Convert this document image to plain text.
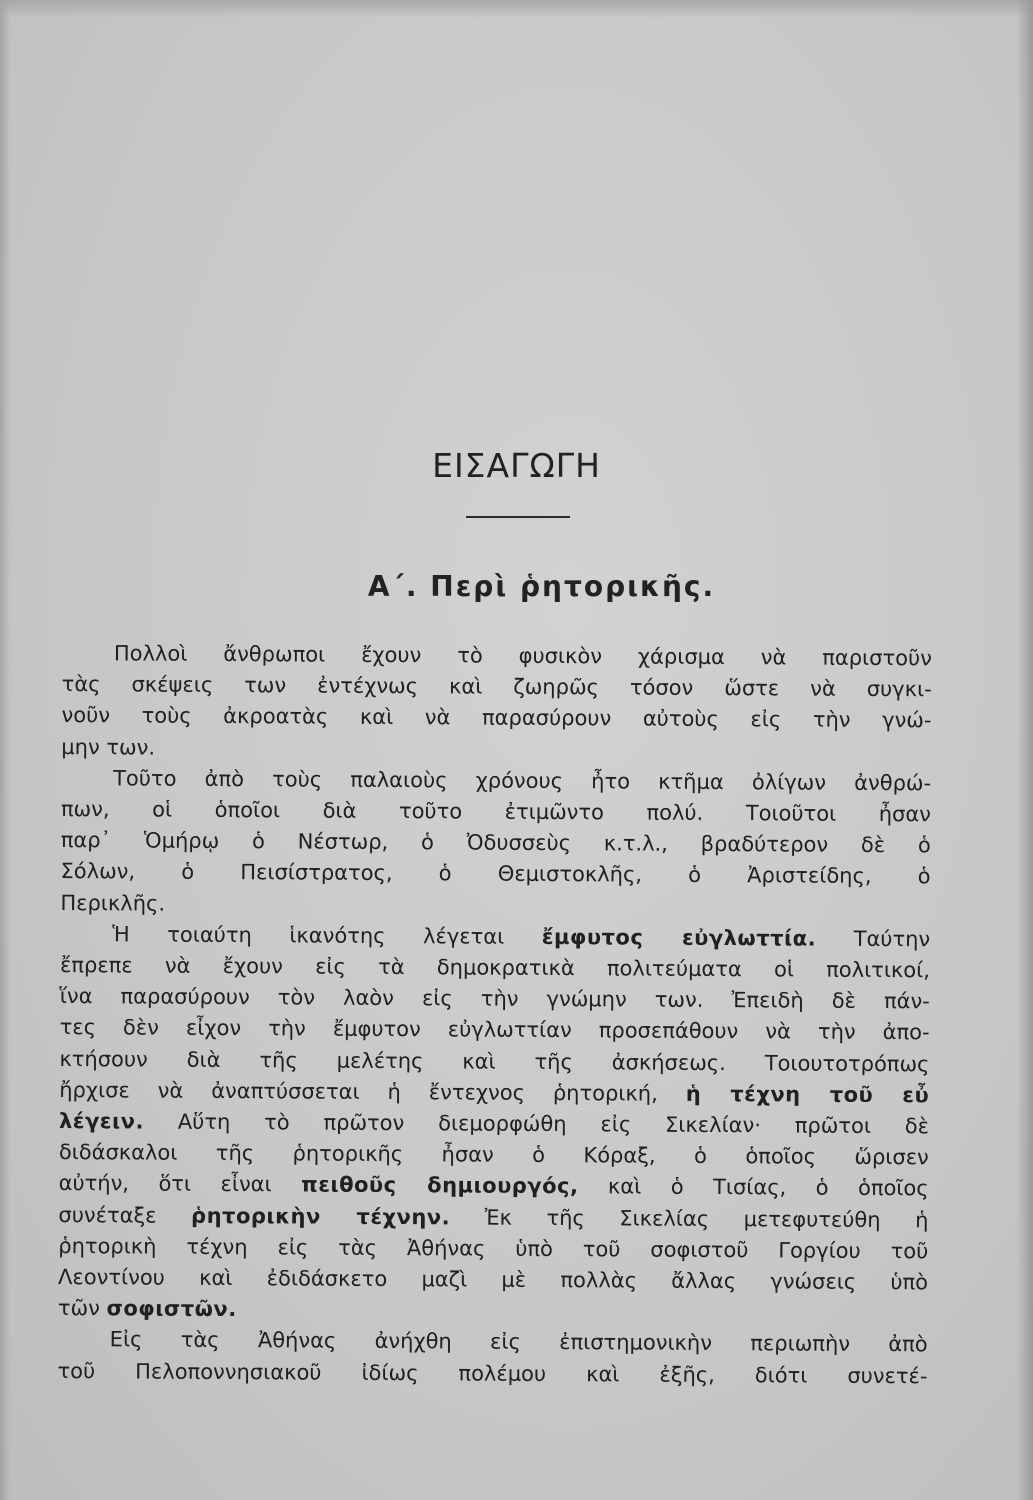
ΕΙΣΑΓΩΓΗ
Α΄. Περὶ ῥητορικῆς.

Πολλοὶ ἄνθρωποι ἔχουν τὸ φυσικὸν χάρισμα νὰ παριστοῦν
τὰς σκέψεις των ἐντέχνως καὶ ζωηρῶς τόσον ὥστε νὰ συγκι-
νοῦν τοὺς ἀκροατὰς καὶ νὰ παρασύρουν αὐτοὺς εἰς τὴν γνώ-
μην των.

Τοῦτο ἀπὸ τοὺς παλαιοὺς χρόνους ἦτο κτῆμα ὀλίγων ἀνθρώ-
πων, οἱ ὁποῖοι διὰ τοῦτο ἐτιμῶντο πολύ. Τοιοῦτοι ἦσαν
παρ᾽ Ὁμήρῳ ὁ Νέστωρ, ὁ Ὀδυσσεὺς κ.τ.λ., βραδύτερον δὲ ὁ
Σόλων, ὁ Πεισίστρατος, ὁ Θεμιστοκλῆς, ὁ Ἀριστείδης, ὁ
Περικλῆς.

Ἡ τοιαύτη ἱκανότης λέγεται ἔμφυτος εὐγλωττία. Ταύτην
ἔπρεπε νὰ ἔχουν εἰς τὰ δημοκρατικὰ πολιτεύματα οἱ πολιτικοί,
ἵνα παρασύρουν τὸν λαὸν εἰς τὴν γνώμην των. Ἐπειδὴ δὲ πάν-
τες δὲν εἶχον τὴν ἔμφυτον εὐγλωττίαν προσεπάθουν νὰ τὴν ἀπο-
κτήσουν διὰ τῆς μελέτης καὶ τῆς ἀσκήσεως. Τοιουτοτρόπως
ἤρχισε νὰ ἀναπτύσσεται ἡ ἔντεχνος ῥητορική, ἡ τέχνη τοῦ εὖ
λέγειν. Αὕτη τὸ πρῶτον διεμορφώθη εἰς Σικελίαν· πρῶτοι δὲ
διδάσκαλοι τῆς ῥητορικῆς ἦσαν ὁ Κόραξ, ὁ ὁποῖος ὥρισεν
αὐτήν, ὅτι εἶναι πειθοῦς δημιουργός, καὶ ὁ Τισίας, ὁ ὁποῖος
συνέταξε ῥητορικὴν τέχνην. Ἐκ τῆς Σικελίας μετεφυτεύθη ἡ
ῥητορικὴ τέχνη εἰς τὰς Ἀθήνας ὑπὸ τοῦ σοφιστοῦ Γοργίου τοῦ
Λεοντίνου καὶ ἐδιδάσκετο μαζὶ μὲ πολλὰς ἄλλας γνώσεις ὑπὸ
τῶν σοφιστῶν.

Εἰς τὰς Ἀθήνας ἀνήχθη εἰς ἐπιστημονικὴν περιωπὴν ἀπὸ
τοῦ Πελοποννησιακοῦ ἰδίως πολέμου καὶ ἐξῆς, διότι συνετέ-
